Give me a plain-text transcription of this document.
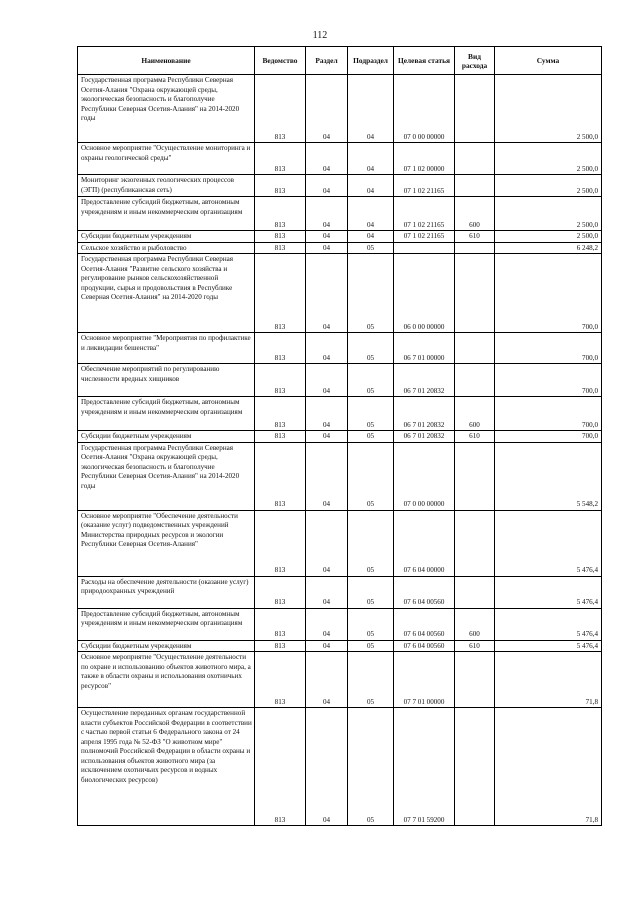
112
Наименование	Ведомство	Раздел	Подраздел	Целевая статья	Вид расхода	Сумма
Государственная программа Республики Северная Осетия-Алания "Охрана окружающей среды, экологическая безопасность и благополучие Республики Северная Осетия-Алания" на 2014-2020 годы	813	04	04	07 0 00 00000		2 500,0
Основное мероприятие "Осуществление мониторинга и охраны геологической среды"	813	04	04	07 1 02 00000		2 500,0
Мониторинг экзогенных геологических процессов (ЭГП) (республиканская сеть)	813	04	04	07 1 02 21165		2 500,0
Предоставление субсидий бюджетным, автономным учреждениям и иным некоммерческим организациям	813	04	04	07 1 02 21165	600	2 500,0
Субсидии бюджетным учреждениям	813	04	04	07 1 02 21165	610	2 500,0
Сельское хозяйство и рыболовство	813	04	05			6 248,2
Государственная программа Республики Северная Осетия-Алания "Развитие сельского хозяйства и регулирование рынков сельскохозяйственной продукции, сырья и продовольствия в Республике Северная Осетия-Алания" на 2014-2020 годы	813	04	05	06 0 00 00000		700,0
Основное мероприятие "Мероприятия по профилактике и ликвидации бешенства"	813	04	05	06 7 01 00000		700,0
Обеспечение мероприятий по регулированию численности вредных хищников	813	04	05	06 7 01 20832		700,0
Предоставление субсидий бюджетным, автономным учреждениям и иным некоммерческим организациям	813	04	05	06 7 01 20832	600	700,0
Субсидии бюджетным учреждениям	813	04	05	06 7 01 20832	610	700,0
Государственная программа Республики Северная Осетия-Алания "Охрана окружающей среды, экологическая безопасность и благополучие Республики Северная Осетия-Алания" на 2014-2020 годы	813	04	05	07 0 00 00000		5 548,2
Основное мероприятие "Обеспечение деятельности (оказание услуг) подведомственных учреждений Министерства природных ресурсов и экологии Республики Северная Осетия-Алания"	813	04	05	07 6 04 00000		5 476,4
Расходы на обеспечение деятельности (оказание услуг) природоохранных учреждений	813	04	05	07 6 04 00560		5 476,4
Предоставление субсидий бюджетным, автономным учреждениям и иным некоммерческим организациям	813	04	05	07 6 04 00560	600	5 476,4
Субсидии бюджетным учреждениям	813	04	05	07 6 04 00560	610	5 476,4
Основное мероприятие "Осуществление деятельности по охране и использованию объектов животного мира, а также в области охраны и использования охотничьих ресурсов"	813	04	05	07 7 01 00000		71,8
Осуществление переданных органам государственной власти субъектов Российской Федерации в соответствии с частью первой статьи 6 Федерального закона от 24 апреля 1995 года № 52-ФЗ "О животном мире" полномочий Российской Федерации в области охраны и использования объектов животного мира (за исключением охотничьих ресурсов и водных биологических ресурсов)	813	04	05	07 7 01 59200		71,8
